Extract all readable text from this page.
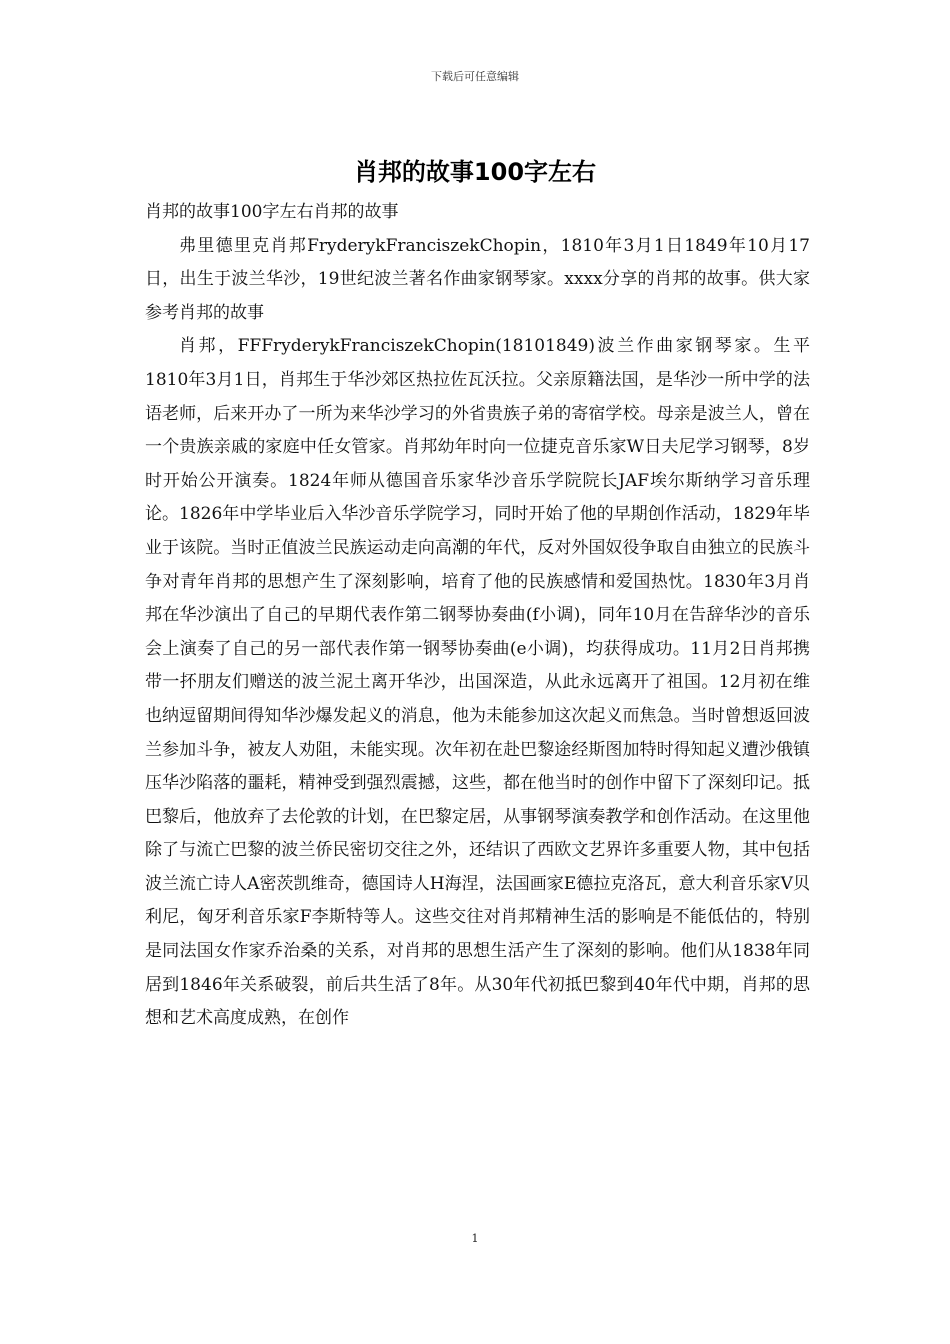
下载后可任意编辑
肖邦的故事100字左右

肖邦的故事100字左右肖邦的故事

弗里德里克肖邦FryderykFranciszekChopin，1810年3月1日1849年10月17日，出生于波兰华沙，19世纪波兰著名作曲家钢琴家。xxxx分享的肖邦的故事。供大家参考肖邦的故事

肖邦，FFFryderykFranciszekChopin(18101849)波兰作曲家钢琴家。生平1810年3月1日，肖邦生于华沙郊区热拉佐瓦沃拉。父亲原籍法国，是华沙一所中学的法语老师，后来开办了一所为来华沙学习的外省贵族子弟的寄宿学校。母亲是波兰人，曾在一个贵族亲戚的家庭中任女管家。肖邦幼年时向一位捷克音乐家W日夫尼学习钢琴，8岁时开始公开演奏。1824年师从德国音乐家华沙音乐学院院长JAF埃尔斯纳学习音乐理论。1826年中学毕业后入华沙音乐学院学习，同时开始了他的早期创作活动，1829年毕业于该院。当时正值波兰民族运动走向高潮的年代，反对外国奴役争取自由独立的民族斗争对青年肖邦的思想产生了深刻影响，培育了他的民族感情和爱国热忱。1830年3月肖邦在华沙演出了自己的早期代表作第二钢琴协奏曲(f小调)，同年10月在告辞华沙的音乐会上演奏了自己的另一部代表作第一钢琴协奏曲(e小调)，均获得成功。11月2日肖邦携带一抔朋友们赠送的波兰泥土离开华沙，出国深造，从此永远离开了祖国。12月初在维也纳逗留期间得知华沙爆发起义的消息，他为未能参加这次起义而焦急。当时曾想返回波兰参加斗争，被友人劝阻，未能实现。次年初在赴巴黎途经斯图加特时得知起义遭沙俄镇压华沙陷落的噩耗，精神受到强烈震撼，这些，都在他当时的创作中留下了深刻印记。抵巴黎后，他放弃了去伦敦的计划，在巴黎定居，从事钢琴演奏教学和创作活动。在这里他除了与流亡巴黎的波兰侨民密切交往之外，还结识了西欧文艺界许多重要人物，其中包括波兰流亡诗人A密茨凯维奇，德国诗人H海涅，法国画家E德拉克洛瓦，意大利音乐家V贝利尼，匈牙利音乐家F李斯特等人。这些交往对肖邦精神生活的影响是不能低估的，特别是同法国女作家乔治桑的关系，对肖邦的思想生活产生了深刻的影响。他们从1838年同居到1846年关系破裂，前后共生活了8年。从30年代初抵巴黎到40年代中期，肖邦的思想和艺术高度成熟，在创作

1
